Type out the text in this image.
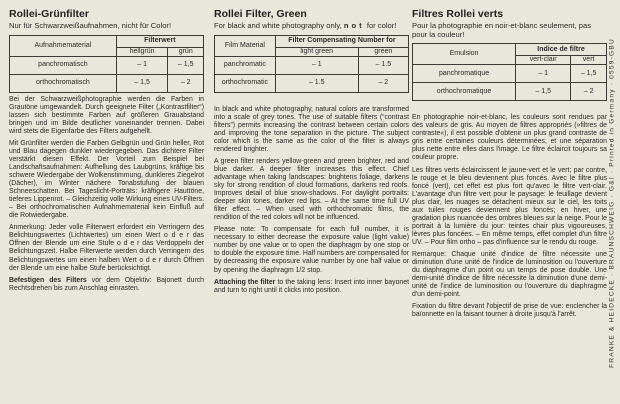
Rollei-Grünfilter
Nur für Schwarzweißaufnahmen, nicht für Color!
Aufnahmematerial	Filterwert	
	hellgrün	grün
panchromatisch	– 1	– 1,5
orthochromatisch	– 1,5	– 2

Bei der Schwarzweißphotographie werden die Farben in Grautöne umgewandelt. Durch geeignete Filter („Kontrastfilter“) lassen sich bestimmte Farben auf größeren Grauabstand bringen und im Bilde deutlicher voneinander trennen. Dabei wird stets die Eigenfarbe des Filters aufgehellt.

Mit Grünfilter werden die Farben Gelbgrün und Grün heller, Rot und Blau dagegen dunkler wiedergegeben. Das dichtere Filter verstärkt diesen Effekt. Der Vorteil zum Beispiel bei Landschaftsaufnahmen: Aufhellung des Laubgrüns, kräftige bis schwere Wiedergabe der Wolkenstimmung, dunkleres Ziegelrot (Dächer), im Winter nächere Tonabstufung der blauen Schneeschatten. Bei Tageslicht-Porträts: kräftigere Hauttöne, tieferes Lippenrot. – Gleichzeitig volle Wirkung eines UV-Filters. – Bei orthochromatischen Aufnahmematerial kein Einfluß auf die Rotwiedergabe.

Anmerkung: Jeder volle Filterwert erfordert ein Verringern des Belichtungswertes (Lichtwertes) um einen Wert o d e r das Öffnen der Blende um eine Stufe o d e r das Verdoppeln der Belichtungszeit. Halbe Filterwerte werden durch Verringern des Belichtungswertes um einen halben Wert o d e r durch Öffnen der Blende um eine halbe Stufe berücksichtigt.

Befestigen des Filters vor dem Objektiv: Bajonett durch Rechtsdrehen bis zum Anschlag einrasten.

Rollei Filter, Green
For black and white photography only, not for color!
Film Material	Filter Compensating Number for	
	light green	green
panchromatic	– 1	– 1.5
orthochromatic	– 1.5	– 2

In black and white photography, natural colors are transformed into a scale of grey tones. The use of suitable filters (“contrast filters”) permits increasing the contrast between certain colors and improving the tone separation in the picture. The subject color which is the same as the color of the filter is always rendered brighter.

A green filter renders yellow-green and green brighter, red and blue darker. A deeper filter increases this effect. Chief advantage when taking landscapes: brightens foliage, darkens sky for strong rendition of cloud formations, darkens red roofs. Improves detail of blue snow-shadows. For daylight portraits: deeper skin tones, darker red lips. – At the same time full UV filter effect. – When used with orthochromatic films, the rendition of the red colors will not be influenced.

Please note: To compensate for each full number, it is necessary to either decrease the exposure value (light value) number by one value or to open the diaphragm by one stop or to double the exposure time. Half numbers are compensated for by decreasing the exposure value number by one half value or by opening the diaphragm 1/2 stop.

Attaching the filter to the taking lens: Insert into inner bayonet and turn to right until it clicks into position.

Filtres Rollei verts
Pour la photographie en noir-et-blanc seulement, pas pour la couleur!
Emulsion	Indice de filtre	
	vert-clair	vert
panchromatique	– 1	– 1,5
orthochromatique	– 1,5	– 2

En photographie noir-et-blanc, les couleurs sont rendues par des valeurs de gris. Au moyen de filtres appropriés (»filtres de contraste«), il est possible d'obtenir un plus grand contraste de gris entre certaines couleurs déterminées, et une séparation plus nette entre elles dans l'image. Le filtre éclaircit toujours sa couleur propre.

Les filtres verts éclaircissent le jaune-vert et le vert; par contre, le rouge et le bleu deviennent plus foncés. Avec le filtre plus foncé (vert), cet effet est plus fort qu'avec le filtre vert-clair. L'avantage d'un filtre vert pour le paysage: le feuillage devient plus clair, les nuages se détachent mieux sur le ciel, les toits aux tuiles rouges deviennent plus foncés; en hiver, une gradation plus nuancée des ombres bleues sur la neige. Pour le portrait à la lumière du jour: teintes chair plus vigoureuses, lèvres plus foncées. – En même temps, effet complet d'un filtre UV. – Pour film ortho – pas d'influence sur le rendu du rouge.

Remarque: Chaque unité d'indice de filtre nécessite une diminution d'une unité de l'indice de luminosition ou l'ouverture du diaphragme d'un point ou un temps de pose double. Une demi-unité d'indice de filtre nécessite la diminution d'une demi-unité de l'indice de luminosition ou l'ouverture du diaphragme d'un demi-point.

Fixation du filtre devant l'objectif de prise de vue: enclencher la baïonnette en la faisant tourner à droite jusqu'à l'arrêt.	FRANKE & HEIDECKE · BRAUNSCHWEIG · G&I · Printed in Germany · 0559-GBU
